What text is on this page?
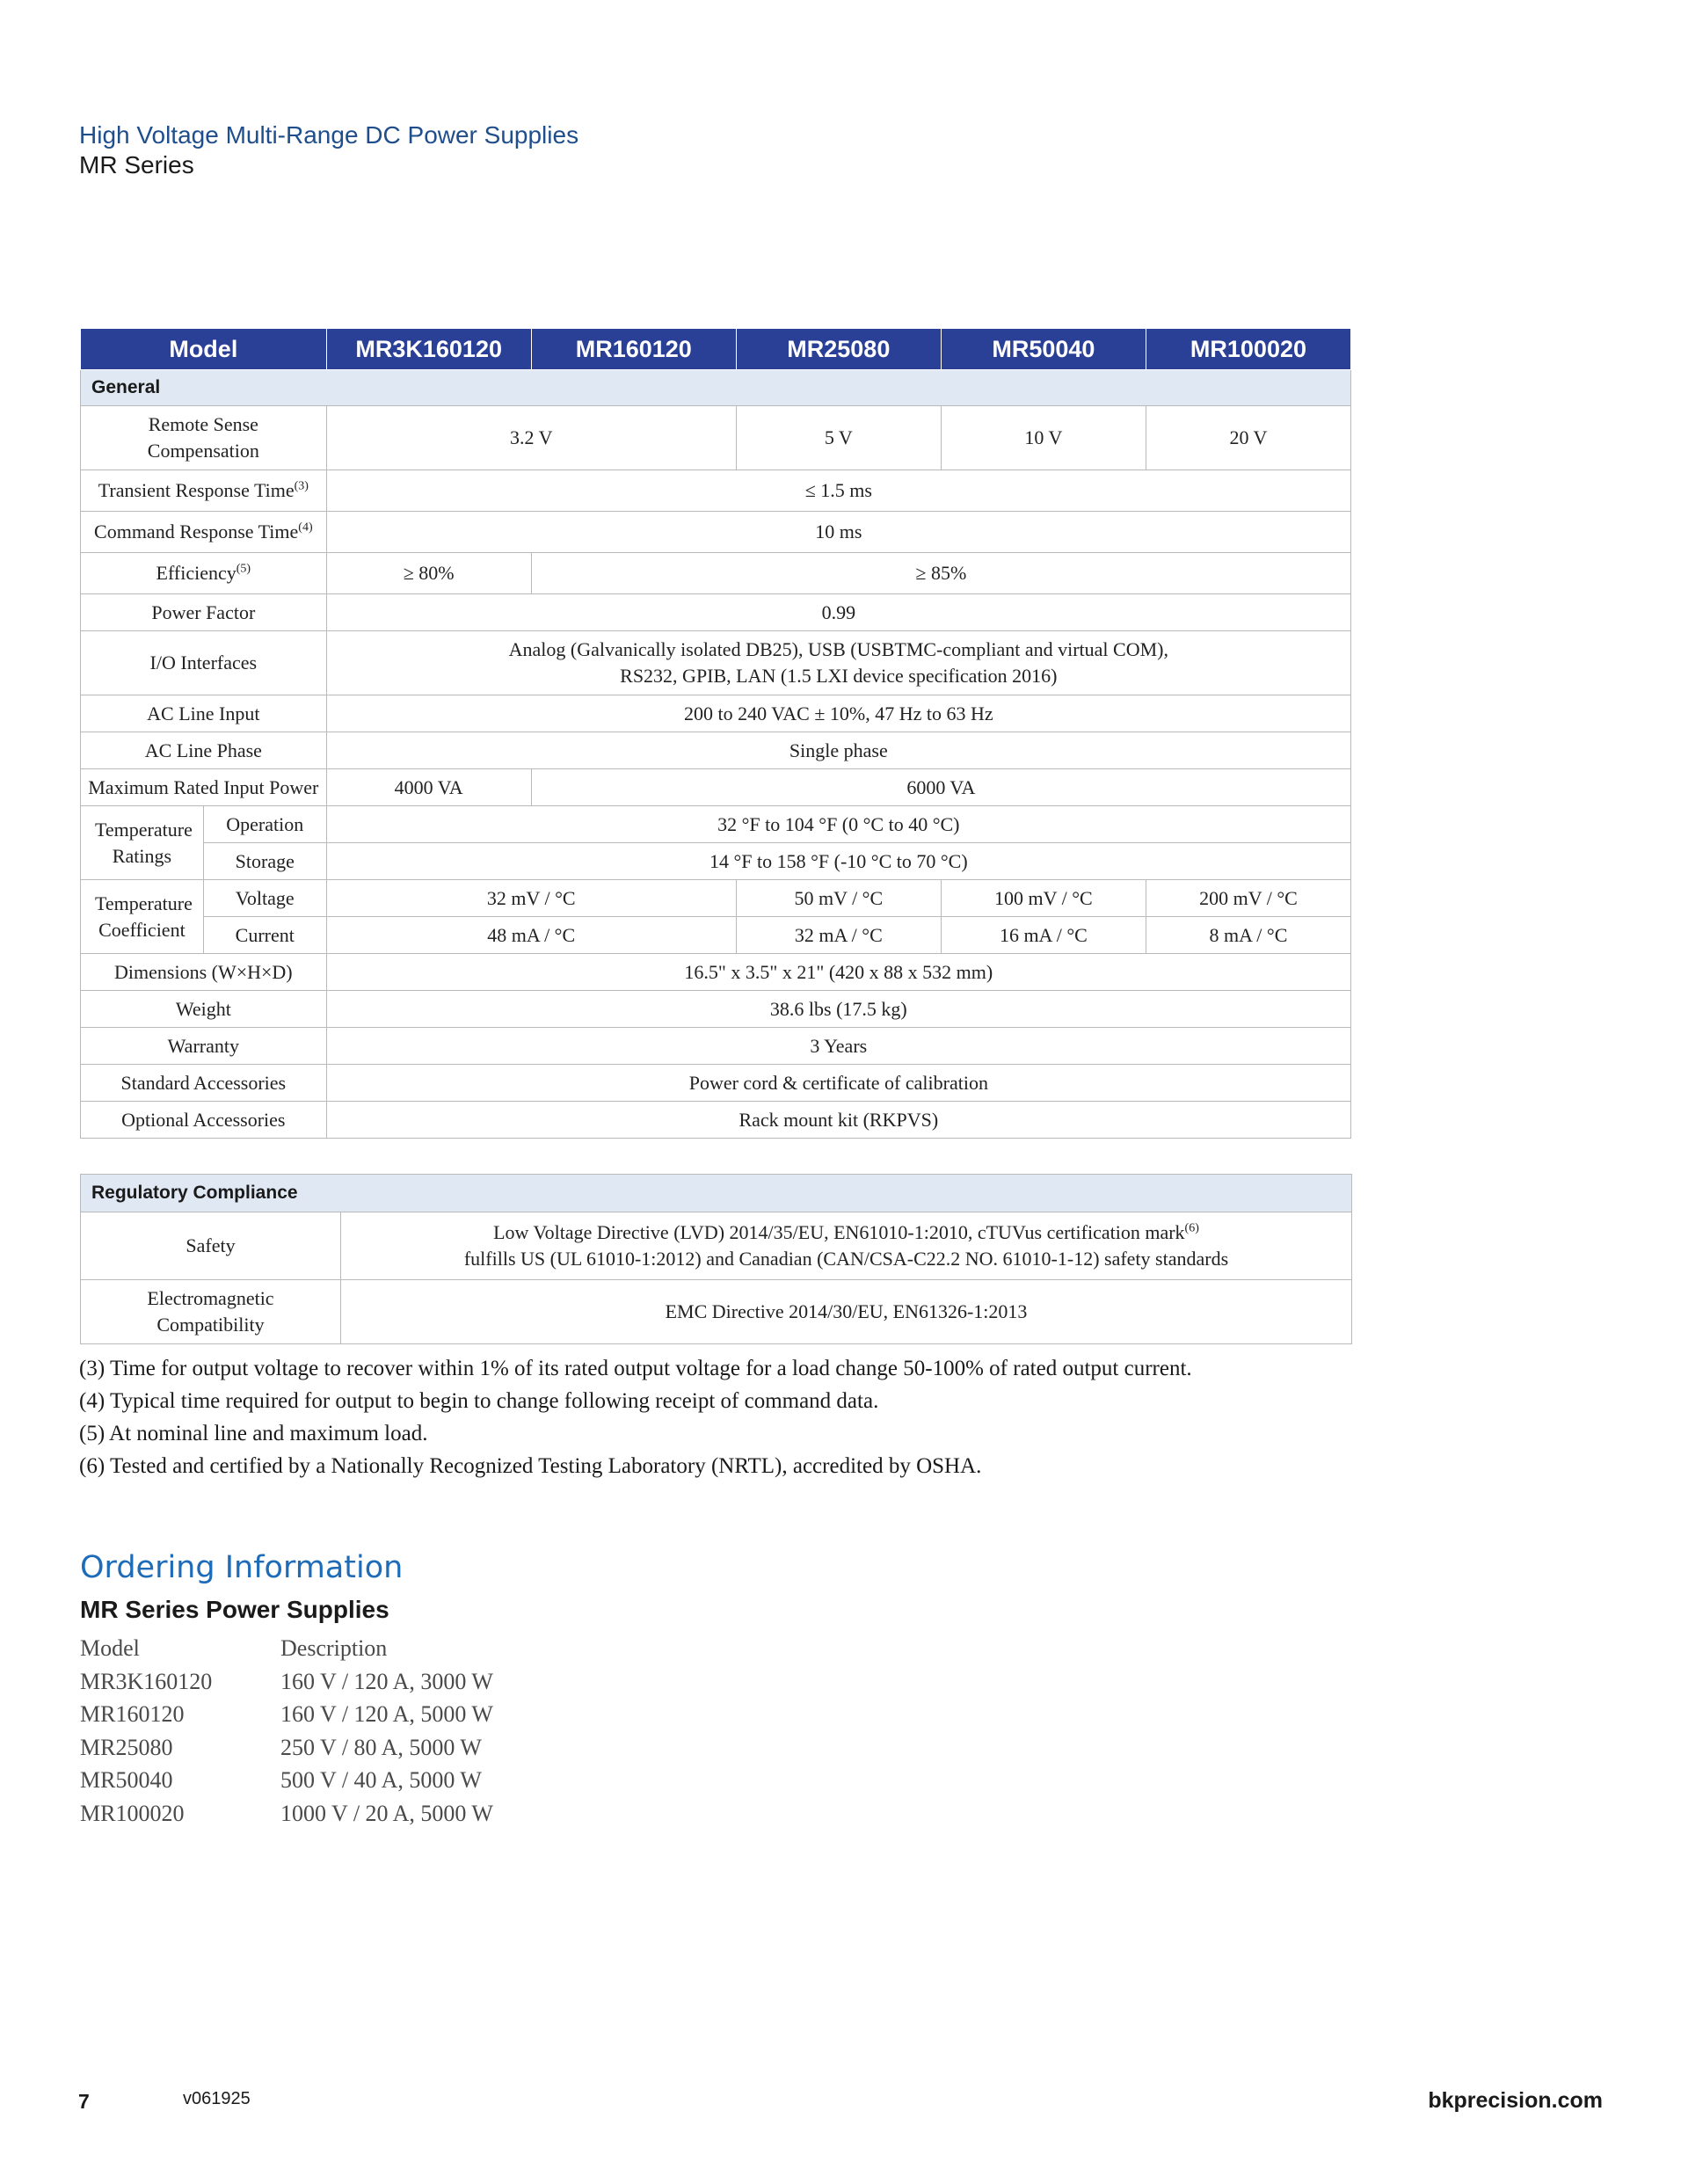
High Voltage Multi-Range DC Power Supplies
MR Series
Model		MR3K160120	MR160120	MR25080	MR50040	MR100020
General						
Remote Sense Compensation		3.2 V		5 V	10 V	20 V
Transient Response Time$^{(3)}$		≤ 1.5 ms				
Command Response Time$^{(4)}$		10 ms				
Efficiency$^{(5)}$		≥ 80%	≥ 85%			
Power Factor		0.99				
I/O Interfaces		Analog (Galvanically isolated DB25), USB (USBTMC-compliant and virtual COM),
RS232, GPIB, LAN (1.5 LXI device specification 2016)				

AC Line Input		200 to 240 VAC ± 10%, 47 Hz to 63 Hz				
AC Line Phase		Single phase				
Maximum Rated Input Power		4000 VA	6000 VA			
Temperature Ratings	Operation	32 °F to 104 °F (0 °C to 40 °C)				
	Storage	14 °F to 158 °F (-10 °C to 70 °C)				
Temperature Coefficient	Voltage	32 mV / °C		50 mV / °C	100 mV / °C	200 mV / °C
	Current	48 mA / °C		32 mA / °C	16 mA / °C	8 mA / °C
Dimensions (W×H×D)		16.5" x 3.5" x 21" (420 x 88 x 532 mm)				
Weight		38.6 lbs (17.5 kg)				
Warranty		3 Years				
Standard Accessories		Power cord & certificate of calibration				
Optional Accessories		Rack mount kit (RKPVS)				
Regulatory Compliance	
Safety	Low Voltage Directive (LVD) 2014/35/EU, EN61010-1:2010, cTUVus certification mark$^{(6)}$
fulfills US (UL 61010-1:2012) and Canadian (CAN/CSA-C22.2 NO. 61010-1-12) safety standards

Electromagnetic Compatibility	EMC Directive 2014/30/EU, EN61326-1:2013
(3) Time for output voltage to recover within 1% of its rated output voltage for a load change 50-100% of rated output current.
(4) Typical time required for output to begin to change following receipt of command data.
(5) At nominal line and maximum load.
(6) Tested and certified by a Nationally Recognized Testing Laboratory (NRTL), accredited by OSHA.
Ordering Information
MR Series Power Supplies
Model	Description
MR3K160120	160 V / 120 A, 3000 W
MR160120	160 V / 120 A, 5000 W
MR25080	250 V / 80 A, 5000 W
MR50040	500 V / 40 A, 5000 W
MR100020	1000 V / 20 A, 5000 W
7	v061925	bkprecision.com
